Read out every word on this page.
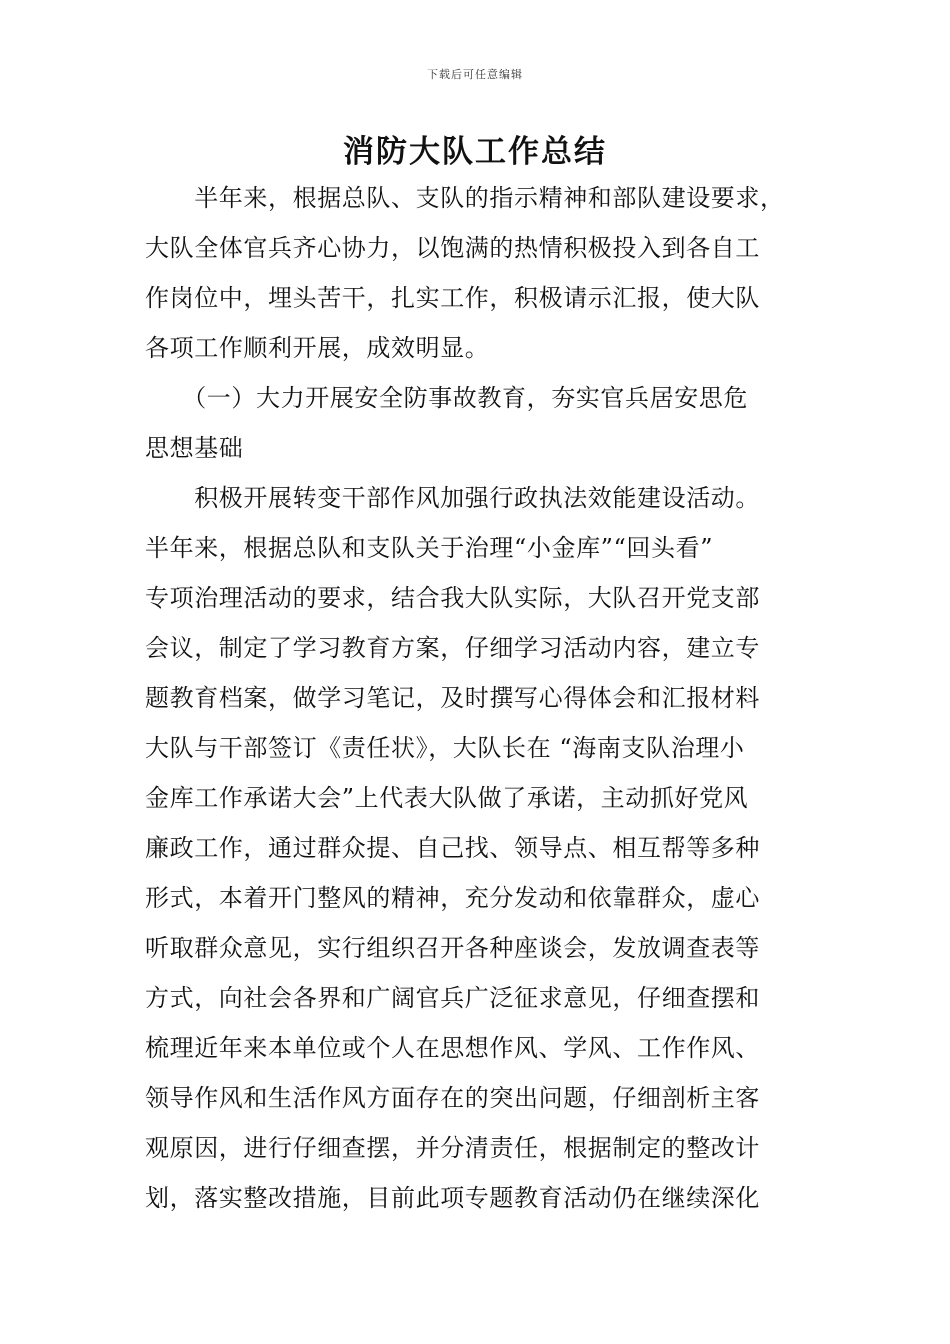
下载后可任意编辑
消防大队工作总结
　　半年来，根据总队、支队的指示精神和部队建设要求，
大队全体官兵齐心协力，以饱满的热情积极投入到各自工
作岗位中，埋头苦干，扎实工作，积极请示汇报，使大队
各项工作顺利开展，成效明显。
　　（一）大力开展安全防事故教育，夯实官兵居安思危
思想基础
　　积极开展转变干部作风加强行政执法效能建设活动。
半年来，根据总队和支队关于治理“小金库”“回头看”
专项治理活动的要求，结合我大队实际，大队召开党支部
会议，制定了学习教育方案，仔细学习活动内容，建立专
题教育档案，做学习笔记，及时撰写心得体会和汇报材料
大队与干部签订《责任状》，大队长在 “海南支队治理小
金库工作承诺大会”上代表大队做了承诺，主动抓好党风
廉政工作，通过群众提、自己找、领导点、相互帮等多种
形式，本着开门整风的精神，充分发动和依靠群众，虚心
听取群众意见，实行组织召开各种座谈会，发放调查表等
方式，向社会各界和广阔官兵广泛征求意见，仔细查摆和
梳理近年来本单位或个人在思想作风、学风、工作作风、
领导作风和生活作风方面存在的突出问题，仔细剖析主客
观原因，进行仔细查摆，并分清责任，根据制定的整改计
划，落实整改措施，目前此项专题教育活动仍在继续深化
